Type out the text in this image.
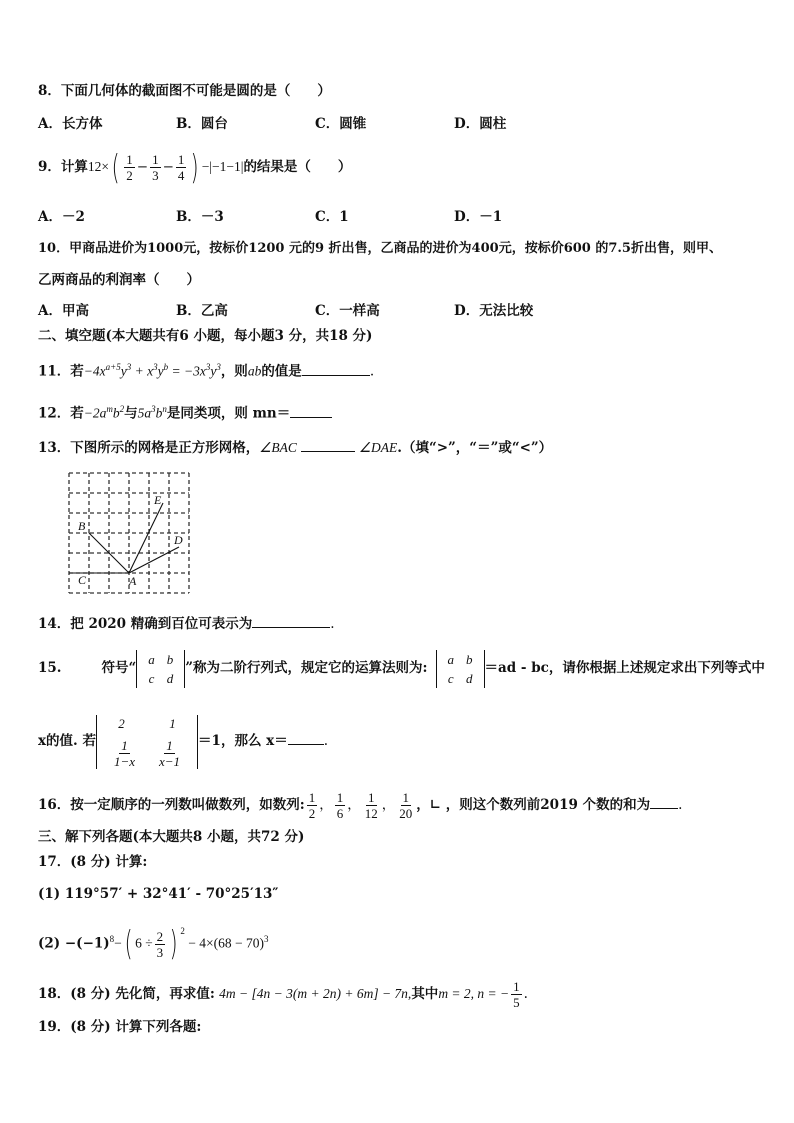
8．下面几何体的截面图不可能是圆的是（　　）
A．长方体	B．圆台	C．圆锥	D．圆柱
9．计算$12\times( \frac{1}{2} - \frac{1}{3} - \frac{1}{4}$ ) −|−1−1|的结果是（　　）
A．－2	B．－3	C．1	D．－1
10．甲商品进价为1000元，按标价1200 元的9 折出售，乙商品的进价为400元，按标价600 的7.5折出售，则甲、
乙两商品的利润率（　　）
A．甲高	B．乙高	C．一样高	D．无法比较
二、填空题(本大题共有6 小题，每小题3 分，共18 分)
11．若$-4x^{a+5}y^3 + x^3y^b = -3x^3y^3$，则ab的值是	.
12．若$-2a^mb^2$与$5a^3b^n$是同类项，则 mn＝
13．下图所示的网格是正方形网格，∠BAC	∠DAE.（填“>”，“＝”或“<”）
E
B
D
C	A
14．把 2020 精确到百位可表示为	.
15.	符号“
a	b
c	d
”称为二阶行列式，规定它的运算法则为:
a	b
c	d
＝ad - bc，请你根据上述规定求出下列等式中
x的值. 若
2	1

$\frac{1}{1-x}$	$\frac{1}{x-1} =1$，那么 x＝	.
16．按一定顺序的一列数叫做数列，如数列: $\frac{1}{2}$ ， $\frac{1}{6}$ ， $\frac{1}{12}$ ， $\frac{1}{20}$ ，∟ ，则这个数列前2019 个数的和为 .
三、解下列各题(本大题共8 小题，共72 分)
17．(8 分) 计算:
(1) 119°57′ + 32°41′ - 70°25′13″
$(2) -(-1)^8-$( $6 \div \frac{2}{3}$ ) $^2 - 4\times(68 - 70)^3$
18．(8 分) 先化简，再求值: 4m − [4n − 3(m + 2n) + 6m] − 7n,其中m = 2, n = − $\frac{1}{5}$ .
19．(8 分) 计算下列各题:
